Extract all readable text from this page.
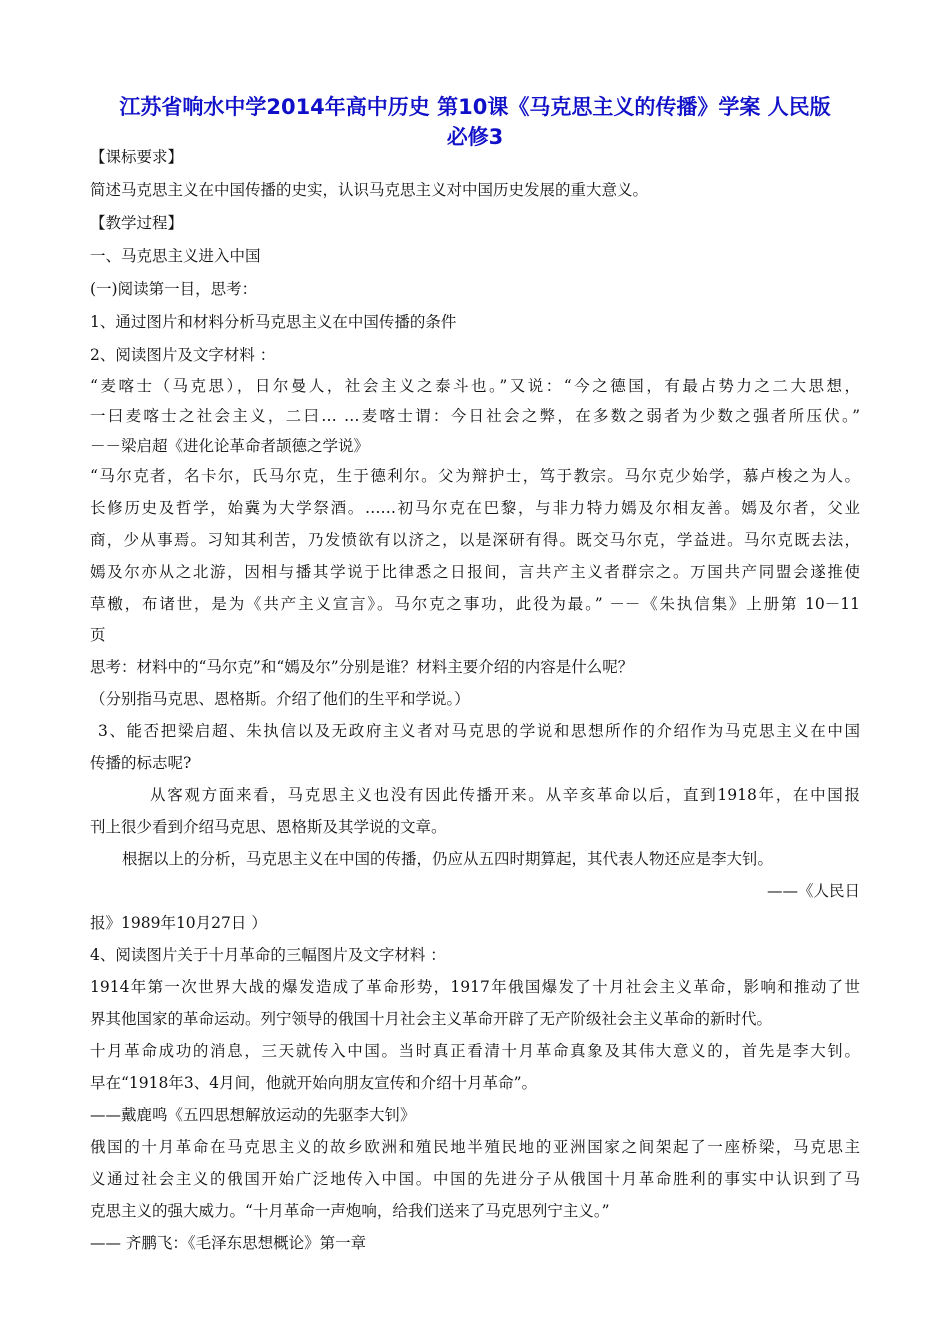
江苏省响水中学2014年高中历史 第10课《马克思主义的传播》学案 人民版
必修3
【课标要求】
简述马克思主义在中国传播的史实，认识马克思主义对中国历史发展的重大意义。
【教学过程】
一、马克思主义进入中国
(一)阅读第一目，思考：
1、通过图片和材料分析马克思主义在中国传播的条件
2、阅读图片及文字材料 ：
“麦喀士（马克思），日尔曼人，社会主义之泰斗也。”又说：“今之德国，有最占势力之二大思想，
一曰麦喀士之社会主义，二曰… …麦喀士谓：今日社会之弊，在多数之弱者为少数之强者所压伏。”
－－梁启超《进化论革命者颉德之学说》
“马尔克者，名卡尔，氏马尔克，生于德利尔。父为辩护士，笃于教宗。马尔克少始学，慕卢梭之为人。
长修历史及哲学，始冀为大学祭酒。……初马尔克在巴黎，与非力特力嫣及尔相友善。嫣及尔者，父业
商，少从事焉。习知其利苦，乃发愤欲有以济之，以是深研有得。既交马尔克，学益进。马尔克既去法，
嫣及尔亦从之北游，因相与播其学说于比律悉之日报间，言共产主义者群宗之。万国共产同盟会遂推使
草檄，布诸世，是为《共产主义宣言》。马尔克之事功，此役为最。” －－《朱执信集》上册第 10－11
页
思考：材料中的“马尔克”和“嫣及尔”分别是谁？材料主要介绍的内容是什么呢？
（分别指马克思、恩格斯。介绍了他们的生平和学说。）
3、能否把梁启超、朱执信以及无政府主义者对马克思的学说和思想所作的介绍作为马克思主义在中国
传播的标志呢?
从客观方面来看，马克思主义也没有因此传播开来。从辛亥革命以后，直到1918年，在中国报
刊上很少看到介绍马克思、恩格斯及其学说的文章。
根据以上的分析，马克思主义在中国的传播，仍应从五四时期算起，其代表人物还应是李大钊。
——《人民日
报》1989年10月27日 ）
4、阅读图片关于十月革命的三幅图片及文字材料 ：
1914年第一次世界大战的爆发造成了革命形势，1917年俄国爆发了十月社会主义革命，影响和推动了世
界其他国家的革命运动。列宁领导的俄国十月社会主义革命开辟了无产阶级社会主义革命的新时代。
十月革命成功的消息，三天就传入中国。当时真正看清十月革命真象及其伟大意义的，首先是李大钊。
早在“1918年3、4月间，他就开始向朋友宣传和介绍十月革命”。
——戴鹿鸣《五四思想解放运动的先驱李大钊》
俄国的十月革命在马克思主义的故乡欧洲和殖民地半殖民地的亚洲国家之间架起了一座桥梁，马克思主
义通过社会主义的俄国开始广泛地传入中国。中国的先进分子从俄国十月革命胜利的事实中认识到了马
克思主义的强大威力。“十月革命一声炮响，给我们送来了马克思列宁主义。”
—— 齐鹏飞：《毛泽东思想概论》第一章
